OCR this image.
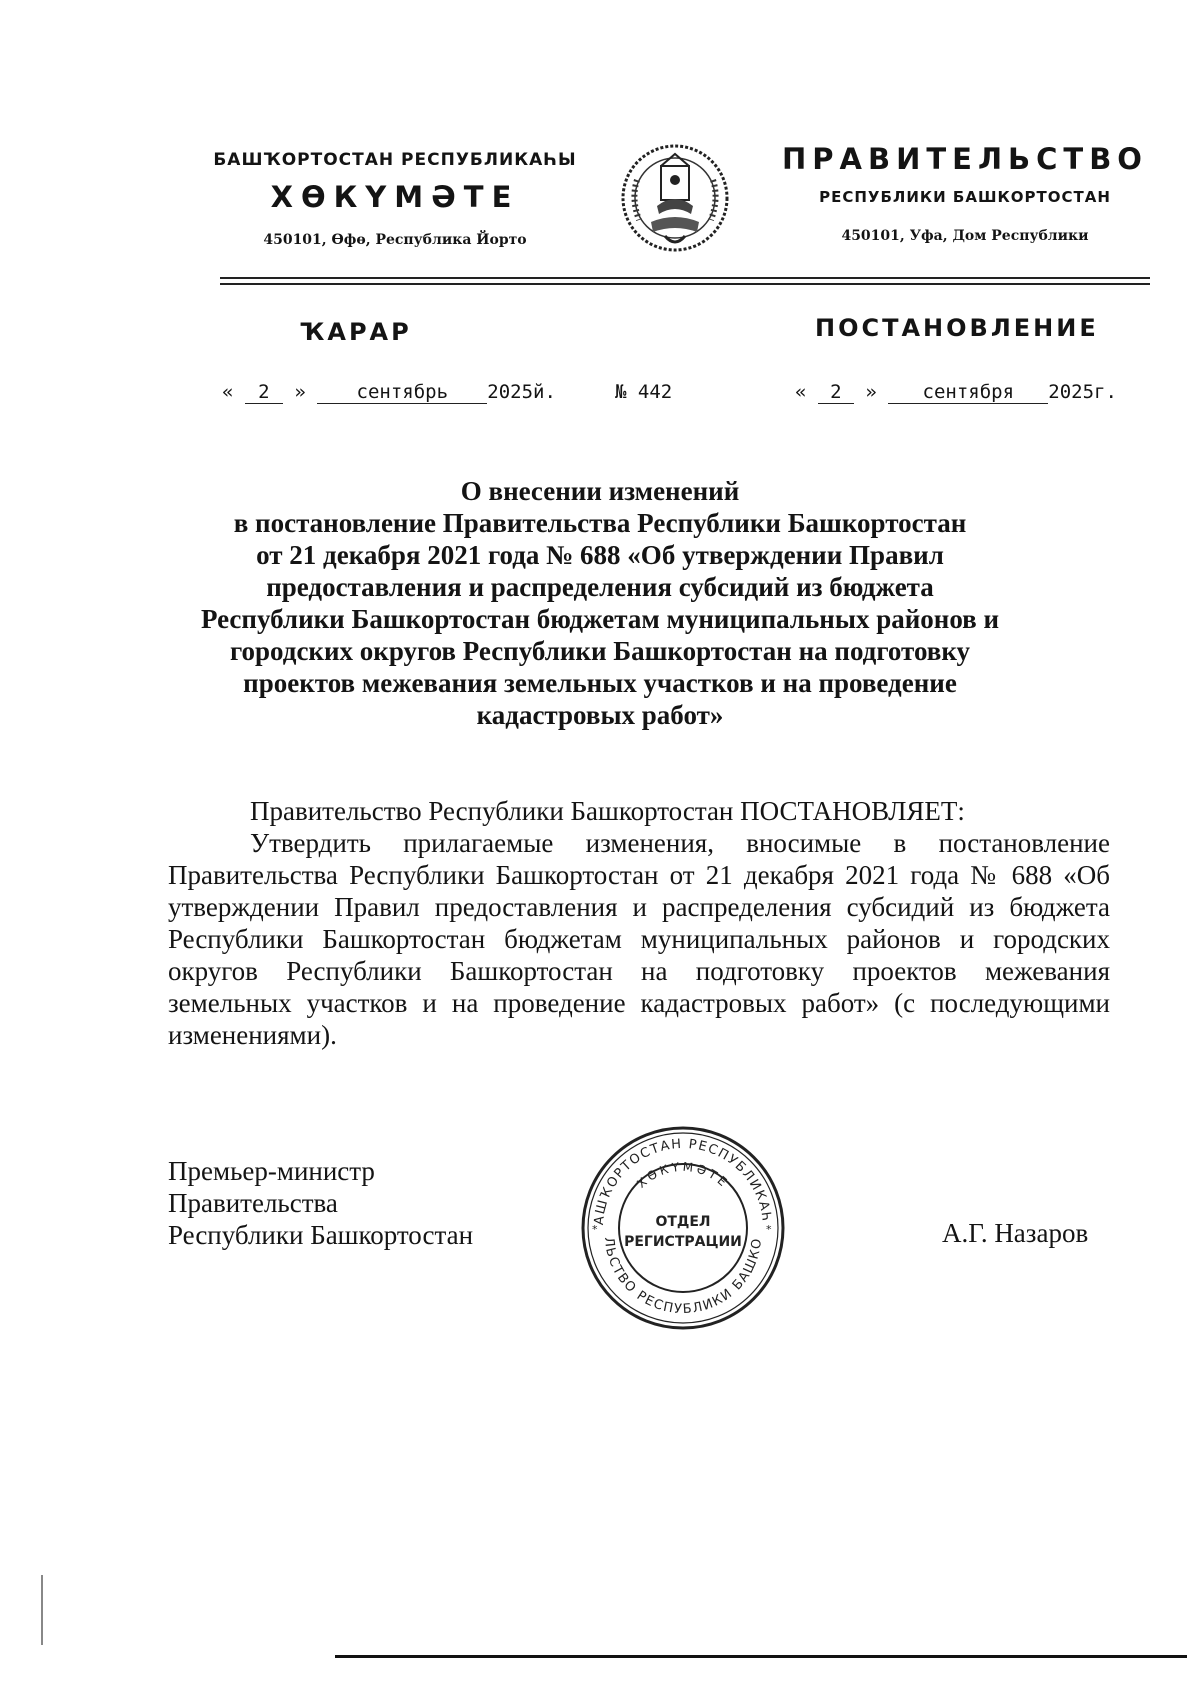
БАШҠОРТОСТАН РЕСПУБЛИКАҺЫ
ХӨКҮМӘТЕ
450101, Өфө, Республика Йорто
ПРАВИТЕЛЬСТВО
РЕСПУБЛИКИ БАШКОРТОСТАН
450101, Уфа, Дом Республики
ҠАРАР	ПОСТАНОВЛЕНИЕ
« 2 »	сентябрь 2025й.	№ 442	« 2 » сентября 2025г.
О внесении изменений
в постановление Правительства Республики Башкортостан
от 21 декабря 2021 года № 688 «Об утверждении Правил
предоставления и распределения субсидий из бюджета
Республики Башкортостан бюджетам муниципальных районов и
городских округов Республики Башкортостан на подготовку
проектов межевания земельных участков и на проведение
кадастровых работ»

Правительство Республики Башкортостан ПОСТАНОВЛЯЕТ:

Утвердить прилагаемые изменения, вносимые в постановление Правительства Республики Башкортостан от 21 декабря 2021 года № 688 «Об утверждении Правил предоставления и распределения субсидий из бюджета Республики Башкортостан бюджетам муниципальных районов и городских округов Республики Башкортостан на подготовку проектов межевания земельных участков и на проведение кадастровых работ» (с последующими изменениями).

Премьер-министр
Правительства
Республики Башкортостан	А.Г. Назаров
АШҠОРТОСТАН РЕСПУБЛИКАҺ
ХӨКҮМӘТЕ
ЛЬСТВО РЕСПУБЛИКИ БАШКО
ОТДЕЛ
РЕГИСТРАЦИИ
*	*
